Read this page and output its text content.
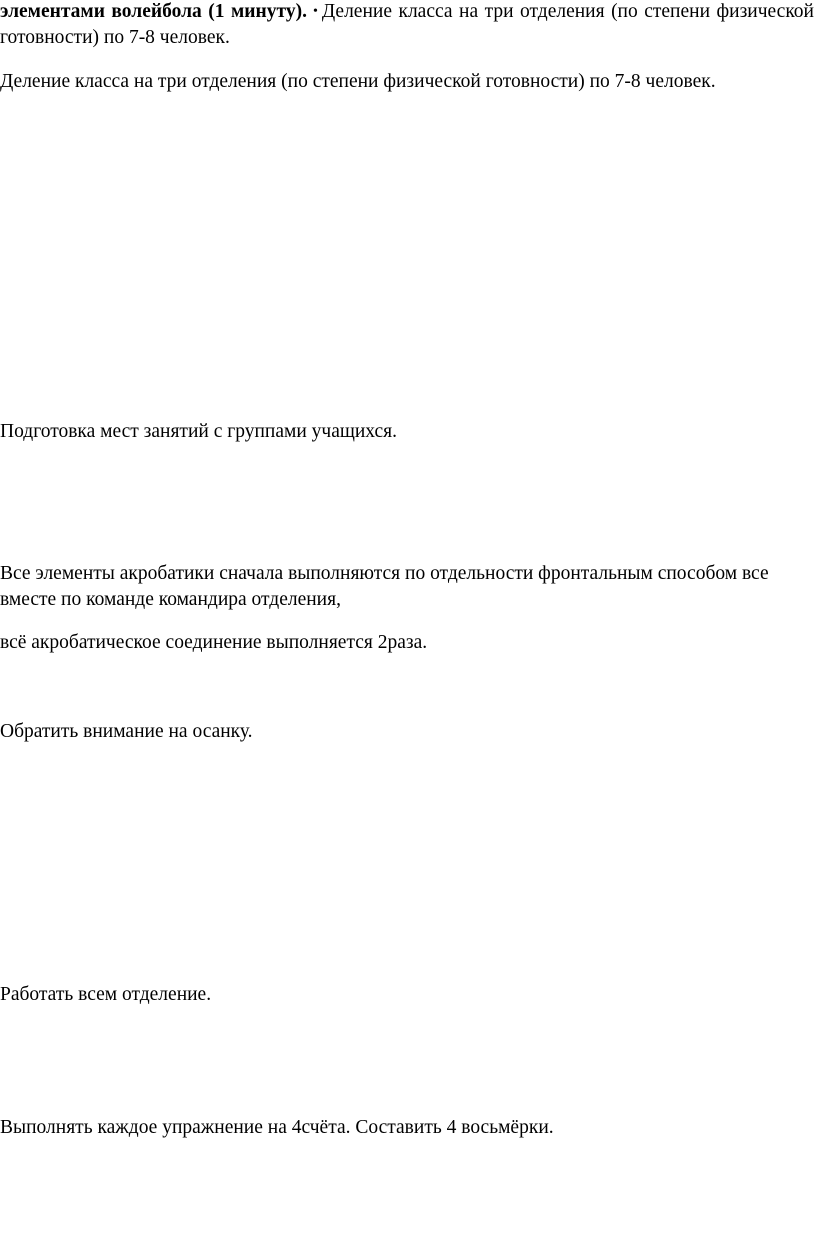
элементами волейбола (1 минуту). • Деление класса на три отделения (по степени физической готовности) по 7-8 человек.

Деление класса на три отделения (по степени физической готовности) по 7-8 человек.

Подготовка мест занятий с группами учащихся.

Все элементы акробатики сначала выполняются по отдельности фронтальным способом все вместе по команде командира отделения,

всё акробатическое соединение выполняется 2раза.

Обратить внимание на осанку.

Работать всем отделение.

Выполнять каждое упражнение на 4счёта. Составить 4 восьмёрки.
